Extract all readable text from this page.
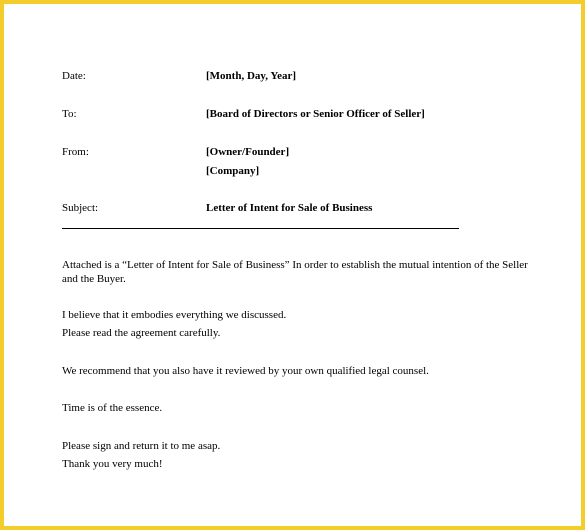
Date:	[Month, Day, Year]
To:	[Board of Directors or Senior Officer of Seller]
From:	[Owner/Founder]
[Company]
Subject:	Letter of Intent for Sale of Business
Attached is a “Letter of Intent for Sale of Business” In order to establish the mutual intention of the Seller and the Buyer.
I believe that it embodies everything we discussed.
Please read the agreement carefully.
We recommend that you also have it reviewed by your own qualified legal counsel.
Time is of the essence.
Please sign and return it to me asap.
Thank you very much!
